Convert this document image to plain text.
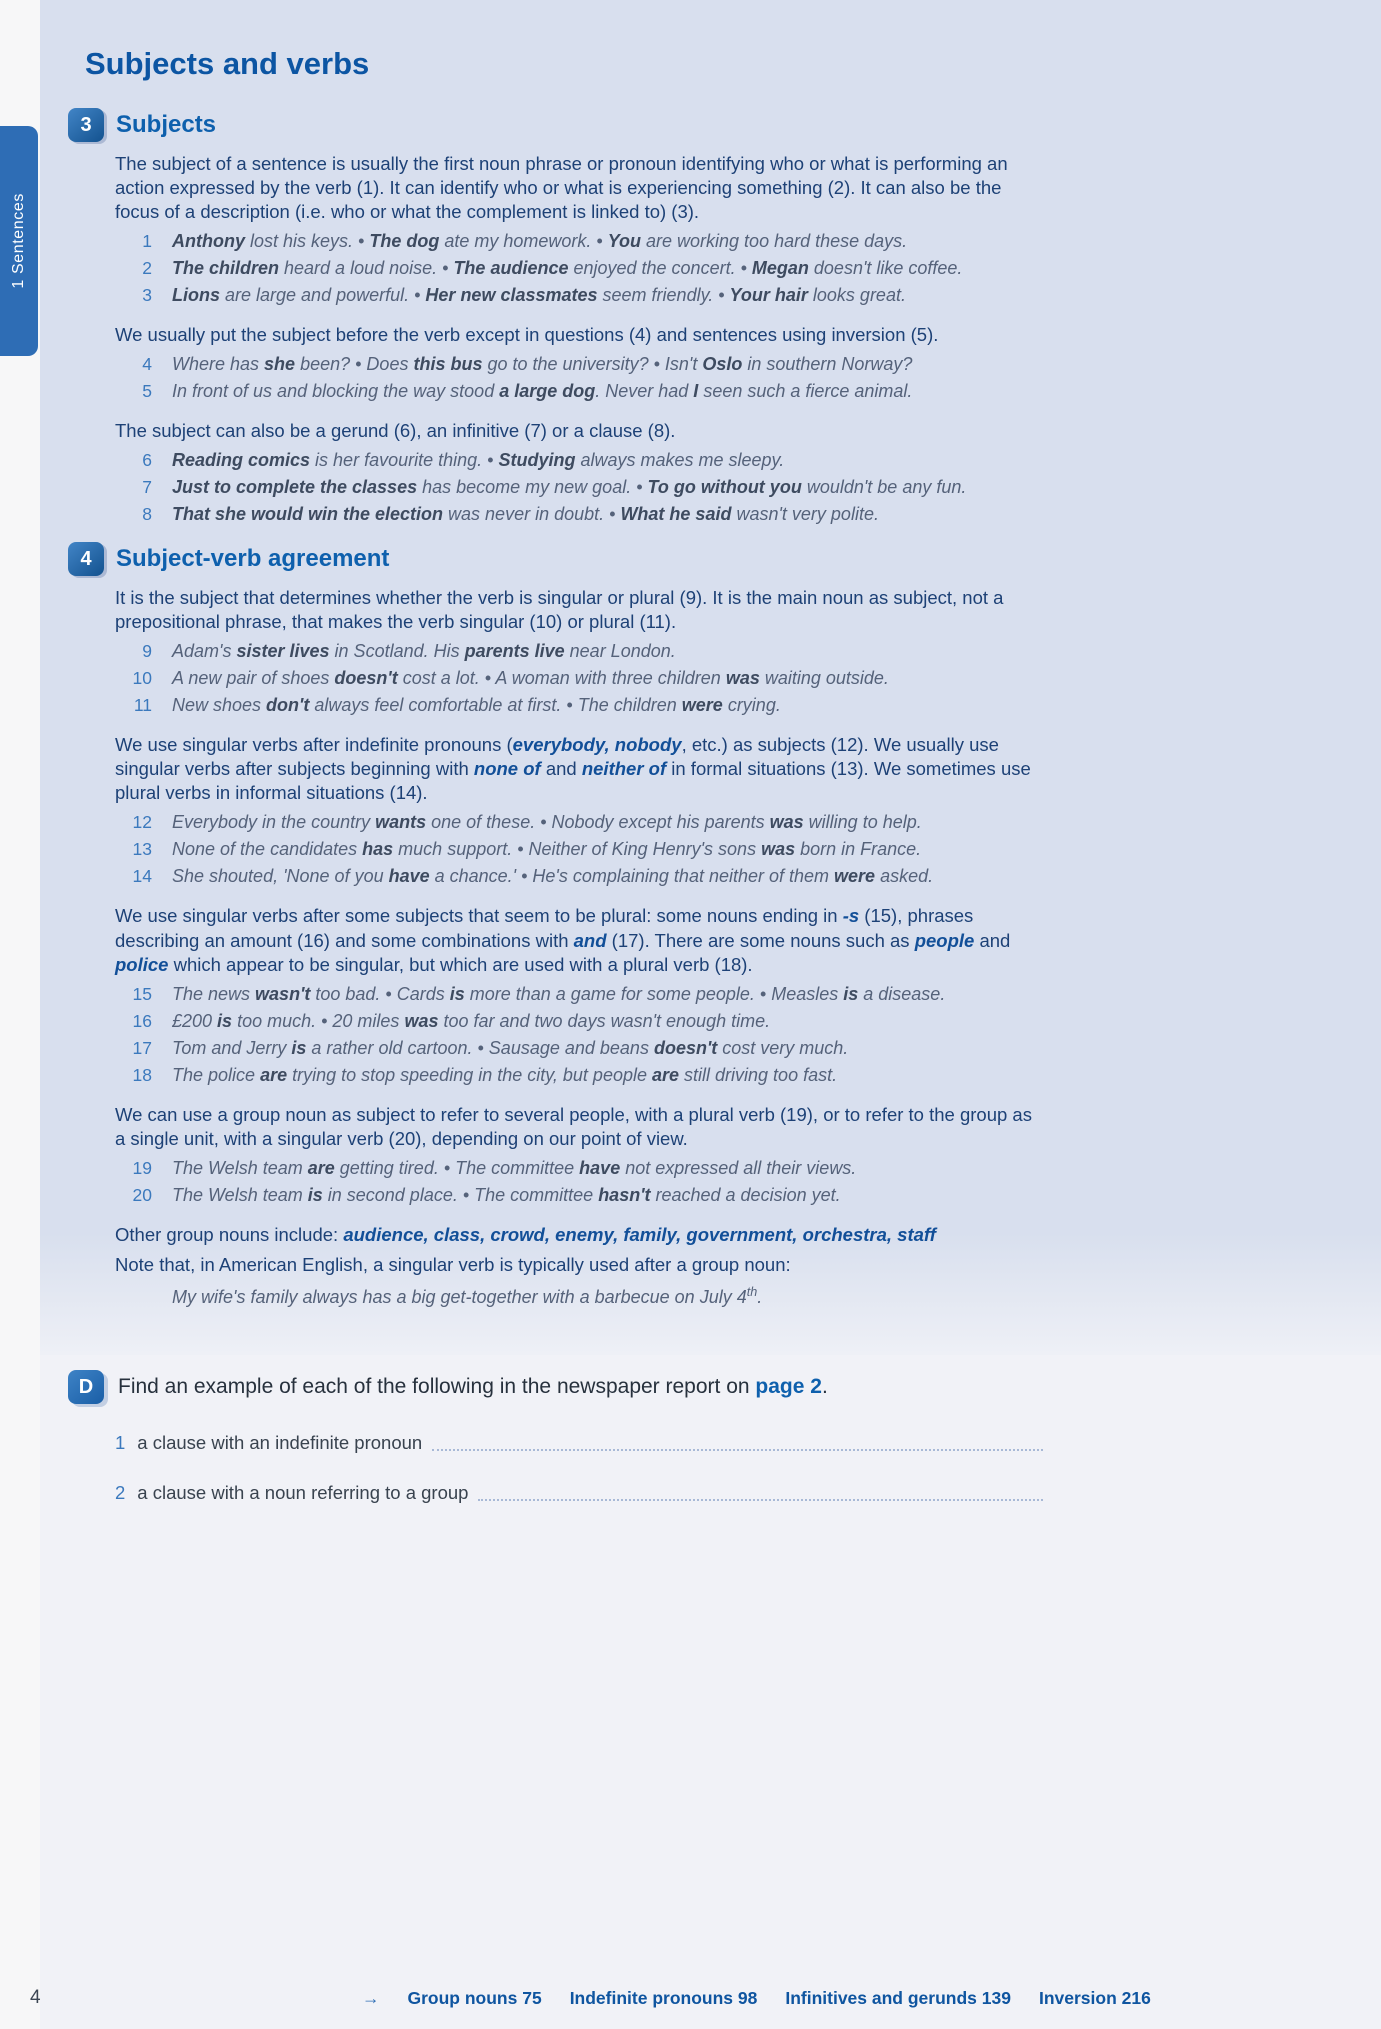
1 Sentences
Subjects and verbs
3	Subjects

The subject of a sentence is usually the first noun phrase or pronoun identifying who or what is performing an action expressed by the verb (1). It can identify who or what is experiencing something (2). It can also be the focus of a description (i.e. who or what the complement is linked to) (3).

1 Anthony lost his keys. • The dog ate my homework. • You are working too hard these days.
2 The children heard a loud noise. • The audience enjoyed the concert. • Megan doesn't like coffee.
3 Lions are large and powerful. • Her new classmates seem friendly. • Your hair looks great.

We usually put the subject before the verb except in questions (4) and sentences using inversion (5).

4 Where has she been? • Does this bus go to the university? • Isn't Oslo in southern Norway?
5 In front of us and blocking the way stood a large dog. Never had I seen such a fierce animal.

The subject can also be a gerund (6), an infinitive (7) or a clause (8).

6 Reading comics is her favourite thing. • Studying always makes me sleepy.
7 Just to complete the classes has become my new goal. • To go without you wouldn't be any fun.
8 That she would win the election was never in doubt. • What he said wasn't very polite.
4	Subject-verb agreement

It is the subject that determines whether the verb is singular or plural (9). It is the main noun as subject, not a prepositional phrase, that makes the verb singular (10) or plural (11).

9 Adam's sister lives in Scotland. His parents live near London.
10 A new pair of shoes doesn't cost a lot. • A woman with three children was waiting outside.
11 New shoes don't always feel comfortable at first. • The children were crying.

We use singular verbs after indefinite pronouns (everybody, nobody, etc.) as subjects (12). We usually use singular verbs after subjects beginning with none of and neither of in formal situations (13). We sometimes use plural verbs in informal situations (14).

12 Everybody in the country wants one of these. • Nobody except his parents was willing to help.
13 None of the candidates has much support. • Neither of King Henry's sons was born in France.
14 She shouted, 'None of you have a chance.' • He's complaining that neither of them were asked.

We use singular verbs after some subjects that seem to be plural: some nouns ending in -s (15), phrases describing an amount (16) and some combinations with and (17). There are some nouns such as people and police which appear to be singular, but which are used with a plural verb (18).

15 The news wasn't too bad. • Cards is more than a game for some people. • Measles is a disease.
16 £200 is too much. • 20 miles was too far and two days wasn't enough time.
17 Tom and Jerry is a rather old cartoon. • Sausage and beans doesn't cost very much.
18 The police are trying to stop speeding in the city, but people are still driving too fast.

We can use a group noun as subject to refer to several people, with a plural verb (19), or to refer to the group as a single unit, with a singular verb (20), depending on our point of view.

19 The Welsh team are getting tired. • The committee have not expressed all their views.
20 The Welsh team is in second place. • The committee hasn't reached a decision yet.

Other group nouns include: audience, class, crowd, enemy, family, government, orchestra, staff

Note that, in American English, a singular verb is typically used after a group noun:

My wife's family always has a big get-together with a barbecue on July 4th.

D	Find an example of each of the following in the newspaper report on page 2.

1 a clause with an indefinite pronoun
2 a clause with a noun referring to a group
4	→ Group nouns 75 Indefinite pronouns 98 Infinitives and gerunds 139 Inversion 216
